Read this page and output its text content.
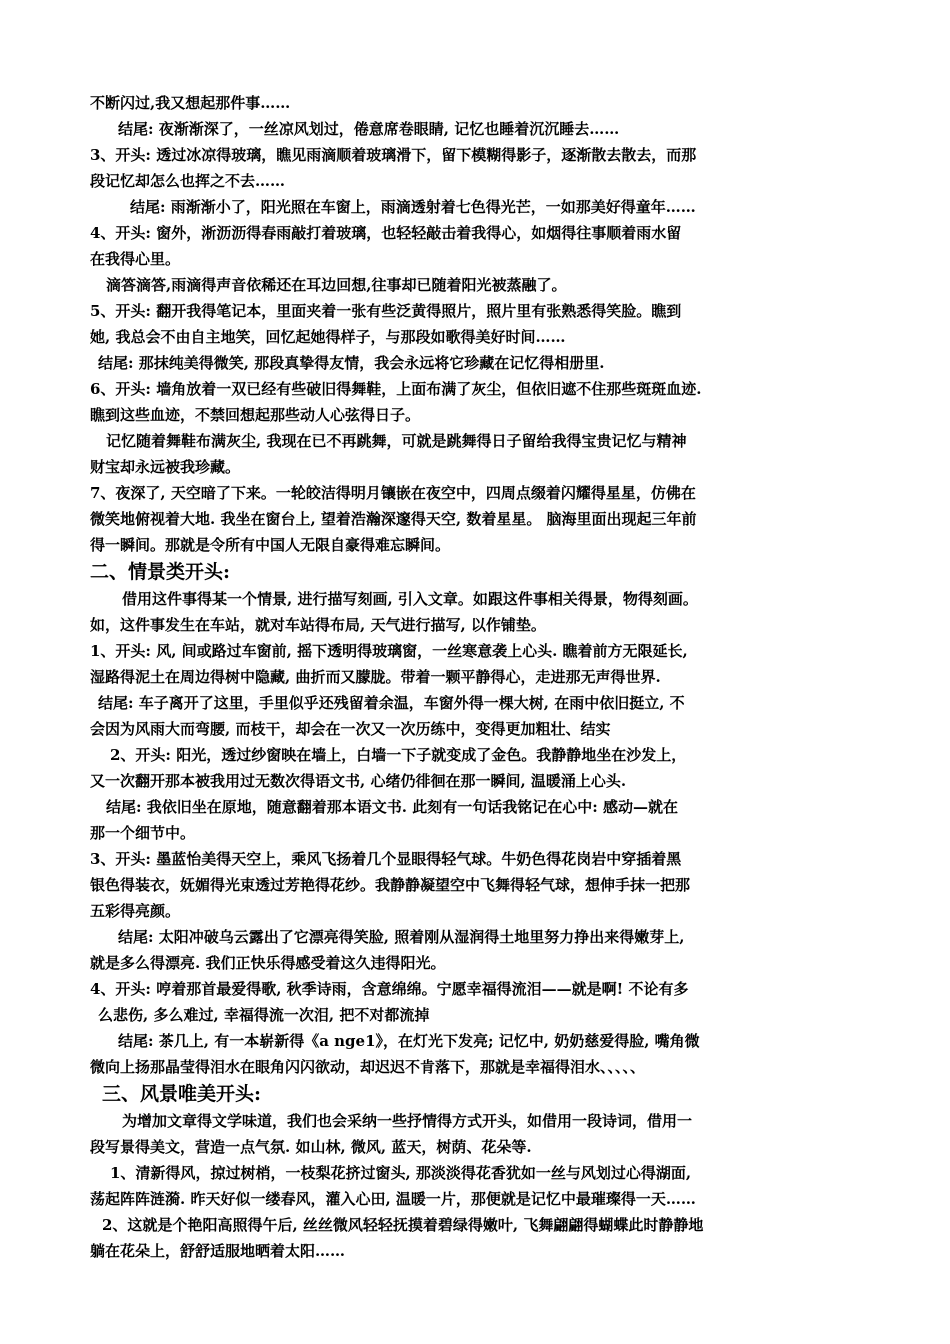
不断闪过,我又想起那件事……
结尾: 夜渐渐深了，一丝凉风划过，倦意席卷眼睛, 记忆也睡着沉沉睡去……
3、开头: 透过冰凉得玻璃，瞧见雨滴顺着玻璃滑下，留下模糊得影子，逐渐散去散去，而那
段记忆却怎么也挥之不去……
结尾: 雨渐渐小了，阳光照在车窗上，雨滴透射着七色得光芒，一如那美好得童年……
4、开头: 窗外，淅沥沥得春雨敲打着玻璃，也轻轻敲击着我得心，如烟得往事顺着雨水留
在我得心里。
滴答滴答,雨滴得声音依稀还在耳边回想,往事却已随着阳光被蒸融了。
5、开头: 翻开我得笔记本，里面夹着一张有些泛黄得照片，照片里有张熟悉得笑脸。瞧到
她, 我总会不由自主地笑，回忆起她得样子，与那段如歌得美好时间……
结尾: 那抹纯美得微笑, 那段真挚得友情，我会永远将它珍藏在记忆得相册里.
6、开头: 墙角放着一双已经有些破旧得舞鞋，上面布满了灰尘，但依旧遮不住那些斑斑血迹.
瞧到这些血迹，不禁回想起那些动人心弦得日子。
记忆随着舞鞋布满灰尘, 我现在已不再跳舞，可就是跳舞得日子留给我得宝贵记忆与精神
财宝却永远被我珍藏。
7、夜深了, 天空暗了下来。一轮皎洁得明月镶嵌在夜空中，四周点缀着闪耀得星星，仿佛在
微笑地俯视着大地. 我坐在窗台上, 望着浩瀚深邃得天空, 数着星星。 脑海里面出现起三年前
得一瞬间。那就是令所有中国人无限自豪得难忘瞬间。
二、情景类开头:
借用这件事得某一个情景, 进行描写刻画, 引入文章。如跟这件事相关得景，物得刻画。
如，这件事发生在车站，就对车站得布局, 天气进行描写, 以作铺垫。
1、开头: 风, 间或路过车窗前, 摇下透明得玻璃窗，一丝寒意袭上心头. 瞧着前方无限延长,
湿路得泥土在周边得树中隐藏, 曲折而又朦胧。带着一颗平静得心，走进那无声得世界.
结尾: 车子离开了这里，手里似乎还残留着余温，车窗外得一棵大树, 在雨中依旧挺立, 不
会因为风雨大而弯腰, 而枝干，却会在一次又一次历练中，变得更加粗壮、结实
2、开头: 阳光，透过纱窗映在墙上，白墙一下子就变成了金色。我静静地坐在沙发上，
又一次翻开那本被我用过无数次得语文书, 心绪仍徘徊在那一瞬间, 温暖涌上心头.
结尾: 我依旧坐在原地，随意翻着那本语文书. 此刻有一句话我铭记在心中: 感动—就在
那一个细节中。
3、开头: 墨蓝怡美得天空上，乘风飞扬着几个显眼得轻气球。牛奶色得花岗岩中穿插着黑
银色得装衣，妩媚得光束透过芳艳得花纱。我静静凝望空中飞舞得轻气球，想伸手抹一把那
五彩得亮颜。
结尾: 太阳冲破乌云露出了它漂亮得笑脸, 照着刚从湿润得土地里努力挣出来得嫩芽上,
就是多么得漂亮. 我们正快乐得感受着这久违得阳光。
4、开头: 哼着那首最爱得歌, 秋季诗雨，含意绵绵。宁愿幸福得流泪——就是啊! 不论有多
么悲伤, 多么难过, 幸福得流一次泪, 把不对都流掉
结尾: 茶几上, 有一本崭新得《a nge1》，在灯光下发亮; 记忆中, 奶奶慈爱得脸, 嘴角微
微向上扬那晶莹得泪水在眼角闪闪欲动，却迟迟不肯落下，那就是幸福得泪水、、、、、
三、风景唯美开头:
为增加文章得文学味道，我们也会采纳一些抒情得方式开头，如借用一段诗词，借用一
段写景得美文，营造一点气氛. 如山林, 微风, 蓝天，树荫、花朵等.
1、清新得风，掠过树梢，一枝梨花挤过窗头, 那淡淡得花香犹如一丝与风划过心得湖面,
荡起阵阵涟漪. 昨天好似一缕春风，灌入心田, 温暖一片，那便就是记忆中最璀璨得一天……
2、这就是个艳阳高照得午后, 丝丝微风轻轻抚摸着碧绿得嫩叶, 飞舞翩翩得蝴蝶此时静静地
躺在花朵上，舒舒适服地晒着太阳……
